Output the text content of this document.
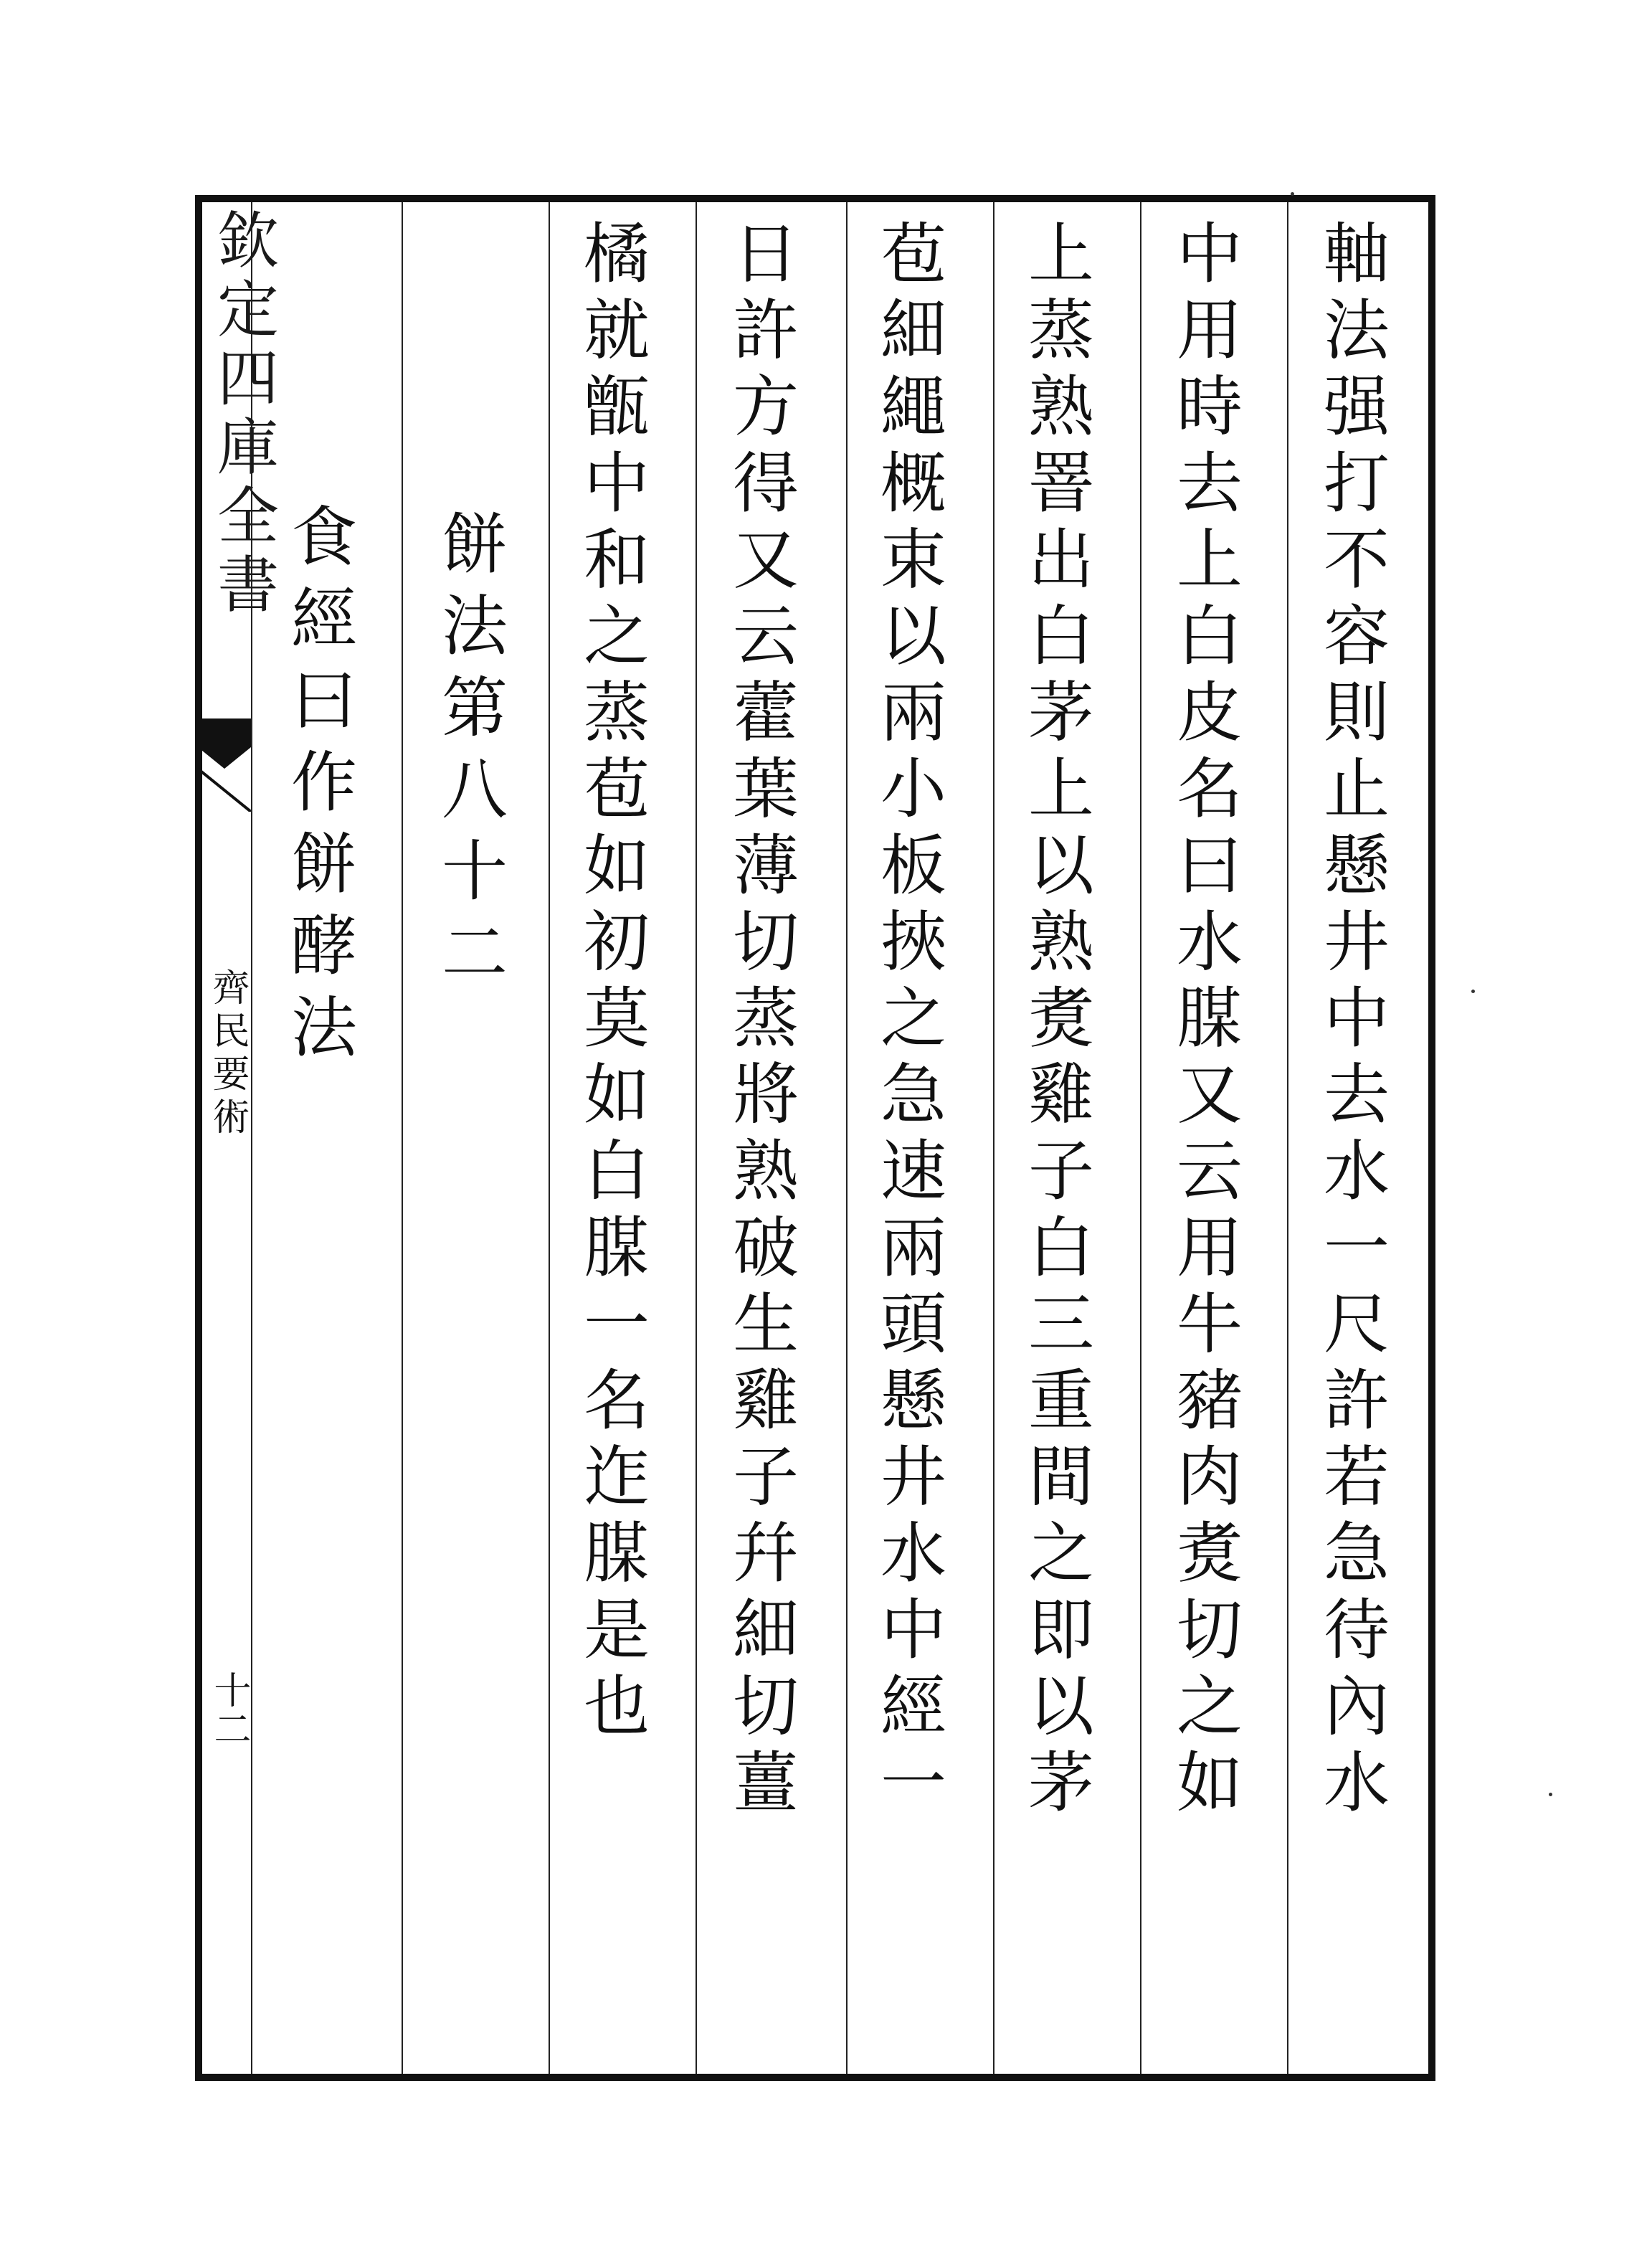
欽定四庫全書
齊民要術
十二
食經曰作餅酵法 餅法第八十二 橘就甑中和之蒸苞如初莫如白腜一名迮腜是也 日許方得又云藿葉薄切蒸將熟破生雞子幷細切薑 苞細繩概束以兩小板挾之急速兩頭懸井水中經一 上蒸熟罯出白茅上以熟煑雞子白三重間之即以茅 中用時去上白皮名曰水腜又云用牛豬肉煑切之如 軸法强打不容則止懸井中去水一尺許若急待內水
